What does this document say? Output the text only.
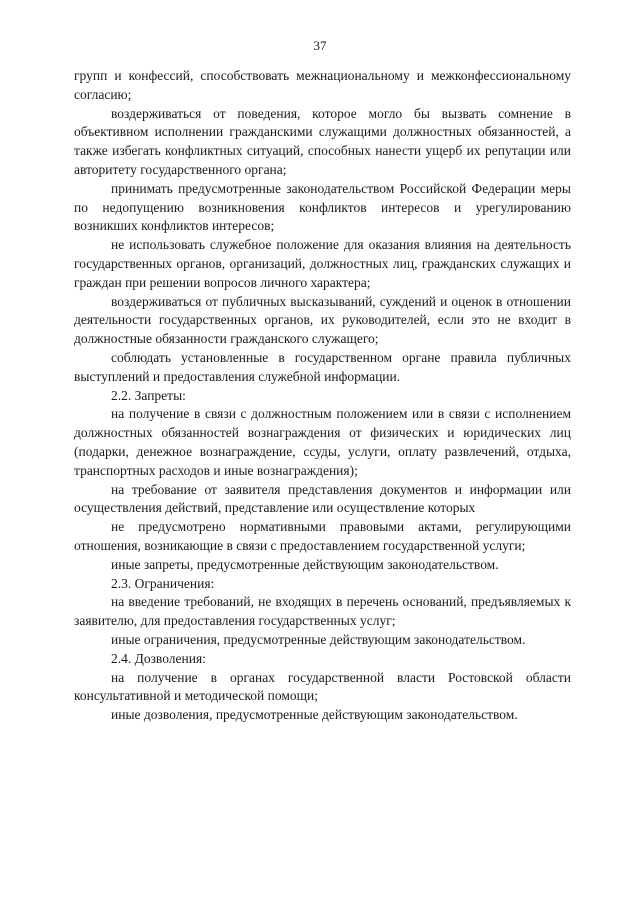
37

групп и конфессий, способствовать межнациональному и межконфессиональному согласию;

воздерживаться от поведения, которое могло бы вызвать сомнение в объективном исполнении гражданскими служащими должностных обязанностей, а также избегать конфликтных ситуаций, способных нанести ущерб их репутации или авторитету государственного органа;

принимать предусмотренные законодательством Российской Федерации меры по недопущению возникновения конфликтов интересов и урегулированию возникших конфликтов интересов;

не использовать служебное положение для оказания влияния на деятельность государственных органов, организаций, должностных лиц, гражданских служащих и граждан при решении вопросов личного характера;

воздерживаться от публичных высказываний, суждений и оценок в отношении деятельности государственных органов, их руководителей, если это не входит в должностные обязанности гражданского служащего;

соблюдать установленные в государственном органе правила публичных выступлений и предоставления служебной информации.

2.2. Запреты:

на получение в связи с должностным положением или в связи с исполнением должностных обязанностей вознаграждения от физических и юридических лиц (подарки, денежное вознаграждение, ссуды, услуги, оплату развлечений, отдыха, транспортных расходов и иные вознаграждения);

на требование от заявителя представления документов и информации или осуществления действий, представление или осуществление которых

не предусмотрено нормативными правовыми актами, регулирующими отношения, возникающие в связи с предоставлением государственной услуги;

иные запреты, предусмотренные действующим законодательством.

2.3. Ограничения:

на введение требований, не входящих в перечень оснований, предъявляемых к заявителю, для предоставления государственных услуг;

иные ограничения, предусмотренные действующим законодательством.

2.4. Дозволения:

на получение в органах государственной власти Ростовской области консультативной и методической помощи;

иные дозволения, предусмотренные действующим законодательством.
